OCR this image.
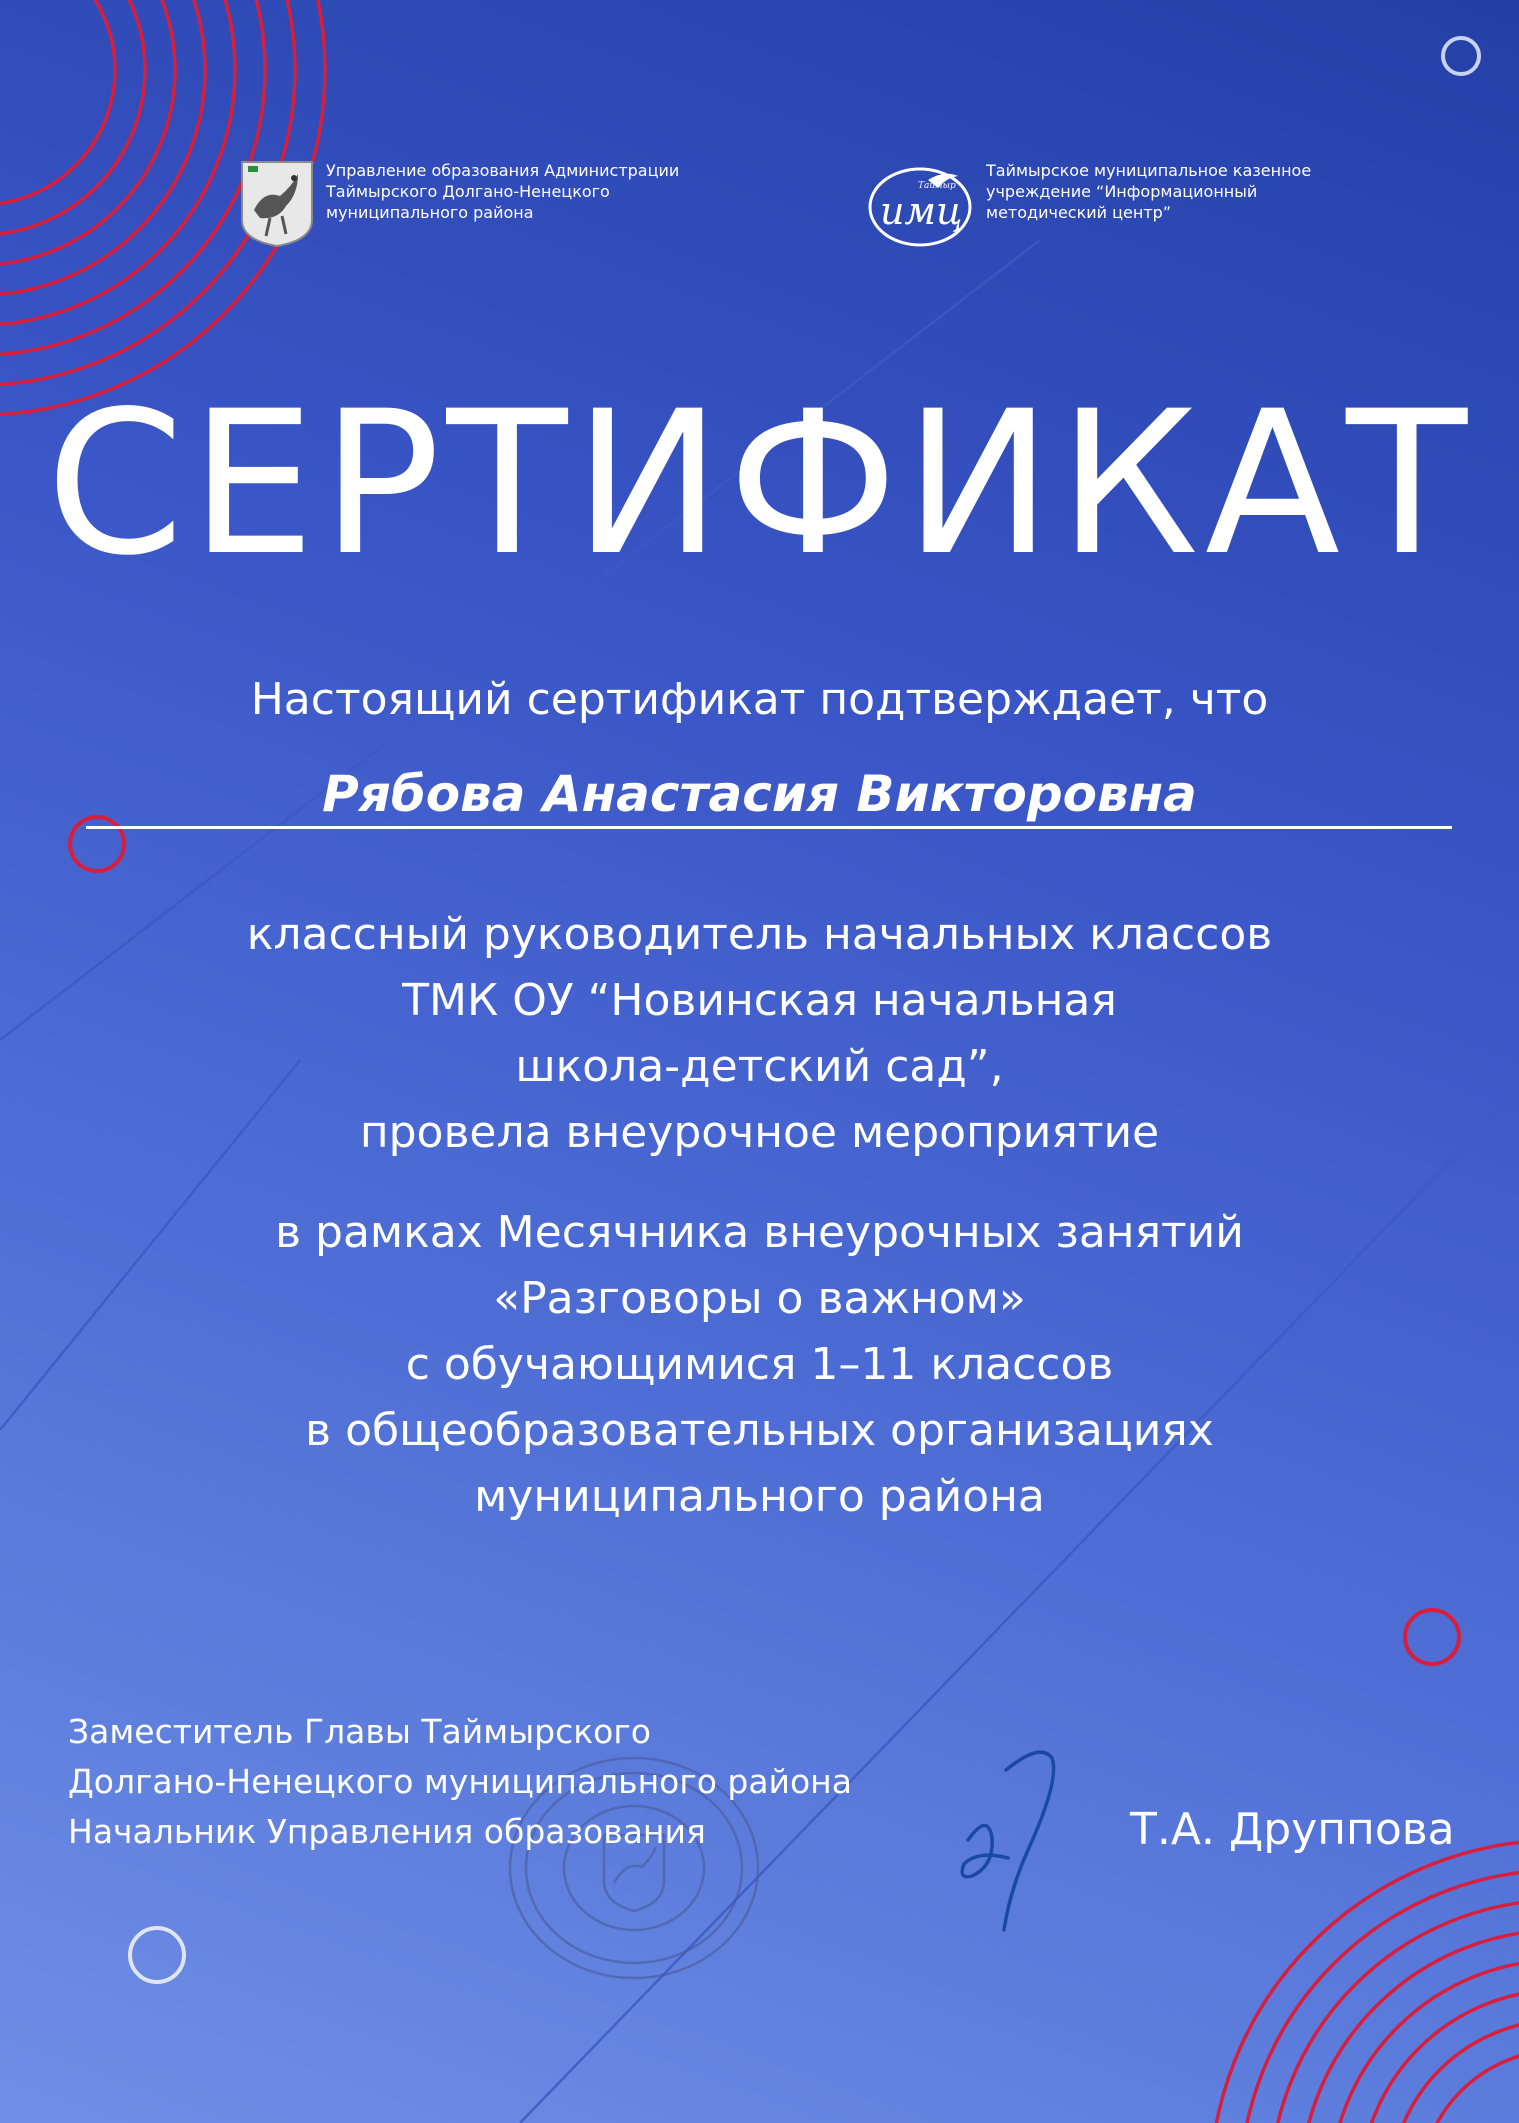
Управление образования Администрации
Таймырского Долгано-Ненецкого
муниципального района
Таймыр
имц
Таймырское муниципальное казенное
учреждение “Информационный
методический центр”
СЕРТИФИКАТ
Настоящий сертификат подтверждает, что
Рябова Анастасия Викторовна
классный руководитель начальных классов
ТМК ОУ “Новинская начальная
школа-детский сад”,
провела внеурочное мероприятие
в рамках Месячника внеурочных занятий
«Разговоры о важном»
с обучающимися 1–11 классов
в общеобразовательных организациях
муниципального района
Заместитель Главы Таймырского
Долгано-Ненецкого муниципального района
Начальник Управления образования	Т.А. Друппова
